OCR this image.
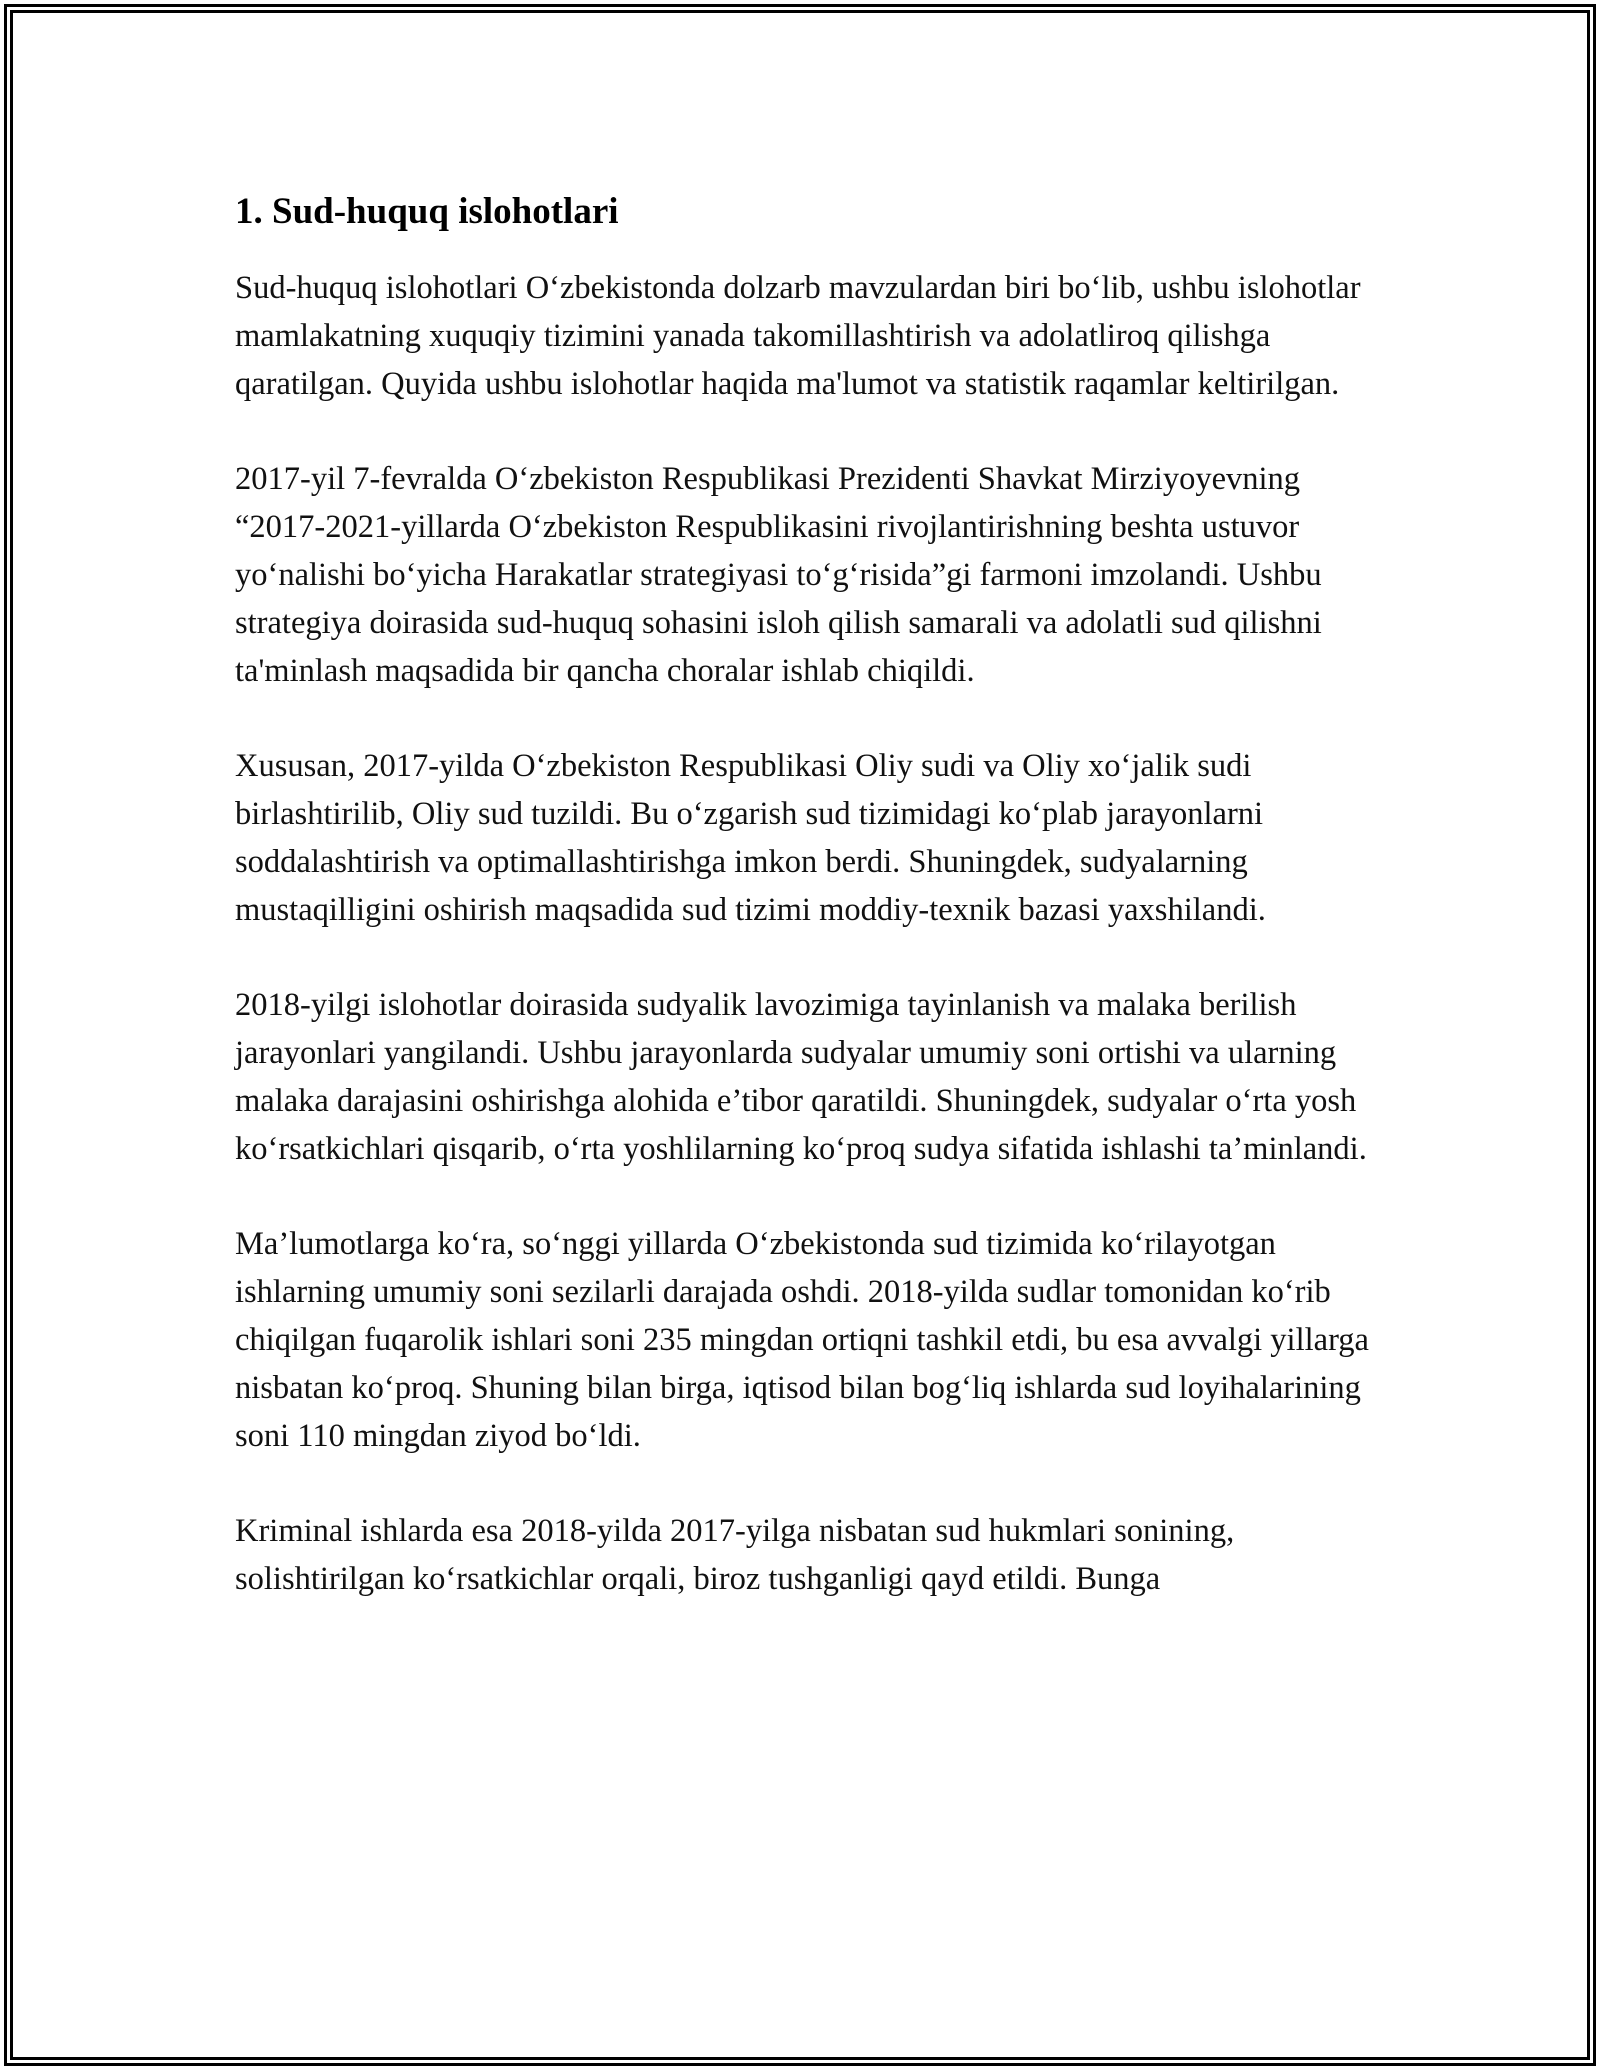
1. Sud-huquq islohotlari

Sud-huquq islohotlari O‘zbekistonda dolzarb mavzulardan biri bo‘lib, ushbu islohotlar mamlakatning xuquqiy tizimini yanada takomillashtirish va adolatliroq qilishga qaratilgan. Quyida ushbu islohotlar haqida ma'lumot va statistik raqamlar keltirilgan.

2017-yil 7-fevralda O‘zbekiston Respublikasi Prezidenti Shavkat Mirziyoyevning “2017-2021-yillarda O‘zbekiston Respublikasini rivojlantirishning beshta ustuvor yo‘nalishi bo‘yicha Harakatlar strategiyasi to‘g‘risida”gi farmoni imzolandi. Ushbu strategiya doirasida sud-huquq sohasini isloh qilish samarali va adolatli sud qilishni ta'minlash maqsadida bir qancha choralar ishlab chiqildi.

Xususan, 2017-yilda O‘zbekiston Respublikasi Oliy sudi va Oliy xo‘jalik sudi birlashtirilib, Oliy sud tuzildi. Bu o‘zgarish sud tizimidagi ko‘plab jarayonlarni soddalashtirish va optimallashtirishga imkon berdi. Shuningdek, sudyalarning mustaqilligini oshirish maqsadida sud tizimi moddiy-texnik bazasi yaxshilandi.

2018-yilgi islohotlar doirasida sudyalik lavozimiga tayinlanish va malaka berilish jarayonlari yangilandi. Ushbu jarayonlarda sudyalar umumiy soni ortishi va ularning malaka darajasini oshirishga alohida e’tibor qaratildi. Shuningdek, sudyalar o‘rta yosh ko‘rsatkichlari qisqarib, o‘rta yoshlilarning ko‘proq sudya sifatida ishlashi ta’minlandi.

Ma’lumotlarga ko‘ra, so‘nggi yillarda O‘zbekistonda sud tizimida ko‘rilayotgan ishlarning umumiy soni sezilarli darajada oshdi. 2018-yilda sudlar tomonidan ko‘rib chiqilgan fuqarolik ishlari soni 235 mingdan ortiqni tashkil etdi, bu esa avvalgi yillarga nisbatan ko‘proq. Shuning bilan birga, iqtisod bilan bog‘liq ishlarda sud loyihalarining soni 110 mingdan ziyod bo‘ldi.

Kriminal ishlarda esa 2018-yilda 2017-yilga nisbatan sud hukmlari sonining, solishtirilgan ko‘rsatkichlar orqali, biroz tushganligi qayd etildi. Bunga
